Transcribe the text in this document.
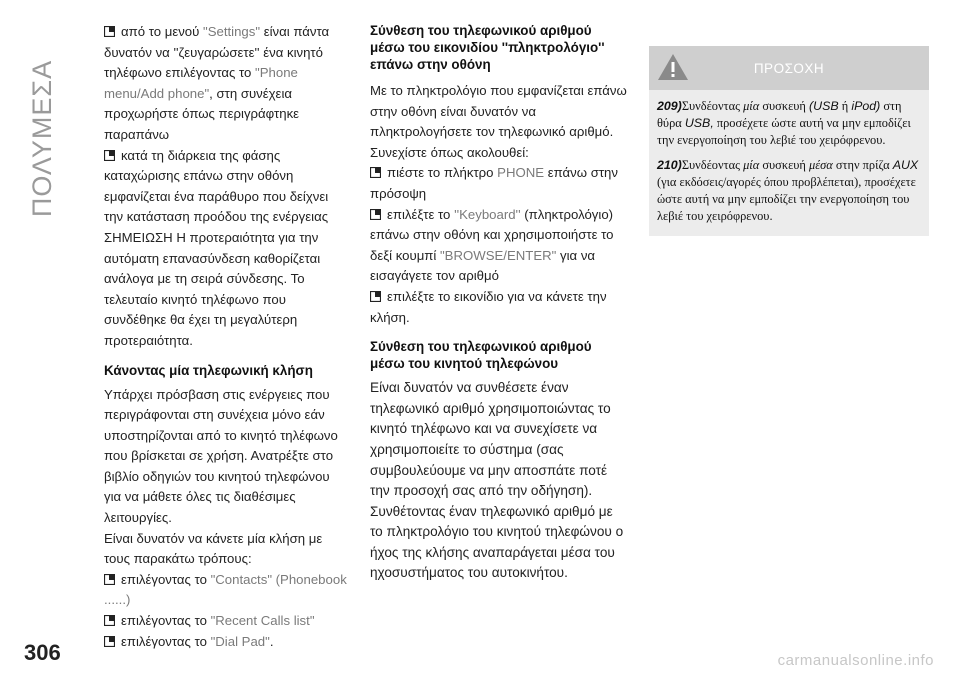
ΠΟΛΥΜΕΣΑ

από το μενού "Settings" είναι πάντα δυνατόν να ''ζευγαρώσετε'' ένα κινητό τηλέφωνο επιλέγοντας το "Phone menu/Add phone", στη συνέχεια προχωρήστε όπως περιγράφτηκε παραπάνω

κατά τη διάρκεια της φάσης καταχώρισης επάνω στην οθόνη εμφανίζεται ένα παράθυρο που δείχνει την κατάσταση προόδου της ενέργειας ΣΗΜΕΙΩΣΗ Η προτεραιότητα για την αυτόματη επανασύνδεση καθορίζεται ανάλογα με τη σειρά σύνδεσης. Το τελευταίο κινητό τηλέφωνο που συνδέθηκε θα έχει τη μεγαλύτερη προτεραιότητα.

Κάνοντας μία τηλεφωνική κλήση

Υπάρχει πρόσβαση στις ενέργειες που περιγράφονται στη συνέχεια μόνο εάν υποστηρίζονται από το κινητό τηλέφωνο που βρίσκεται σε χρήση. Ανατρέξτε στο βιβλίο οδηγιών του κινητού τηλεφώνου για να μάθετε όλες τις διαθέσιμες λειτουργίες.

Είναι δυνατόν να κάνετε μία κλήση με τους παρακάτω τρόπους:

επιλέγοντας το "Contacts" (Phonebook ......)

επιλέγοντας το "Recent Calls list"

επιλέγοντας το "Dial Pad".

Σύνθεση του τηλεφωνικού αριθμού μέσω του εικονιδίου ''πληκτρολόγιο'' επάνω στην οθόνη

Με το πληκτρολόγιο που εμφανίζεται επάνω στην οθόνη είναι δυνατόν να πληκτρολογήσετε τον τηλεφωνικό αριθμό. Συνεχίστε όπως ακολουθεί:

πιέστε το πλήκτρο PHONE επάνω στην πρόσοψη

επιλέξτε το ''Keyboard'' (πληκτρολόγιο) επάνω στην οθόνη και χρησιμοποιήστε το δεξί κουμπί "BROWSE/ENTER" για να εισαγάγετε τον αριθμό

επιλέξτε το εικονίδιο για να κάνετε την κλήση.

Σύνθεση του τηλεφωνικού αριθμού μέσω του κινητού τηλεφώνου

Είναι δυνατόν να συνθέσετε έναν τηλεφωνικό αριθμό χρησιμοποιώντας το κινητό τηλέφωνο και να συνεχίσετε να χρησιμοποιείτε το σύστημα (σας συμβουλεύουμε να μην αποσπάτε ποτέ την προσοχή σας από την οδήγηση). Συνθέτοντας έναν τηλεφωνικό αριθμό με το πληκτρολόγιο του κινητού τηλεφώνου ο ήχος της κλήσης αναπαράγεται μέσα του ηχοσυστήματος του αυτοκινήτου.

ΠΡΟΣΟΧΗ

209)Συνδέοντας μία συσκευή (USB ή iPod) στη θύρα USB, προσέχετε ώστε αυτή να μην εμποδίζει την ενεργοποίηση του λεβιέ του χειρόφρενου.

210)Συνδέοντας μία συσκευή μέσα στην πρίζα AUX (για εκδόσεις/αγορές όπου προβλέπεται), προσέχετε ώστε αυτή να μην εμποδίζει την ενεργοποίηση του λεβιέ του χειρόφρενου.

306	carmanualsonline.info
